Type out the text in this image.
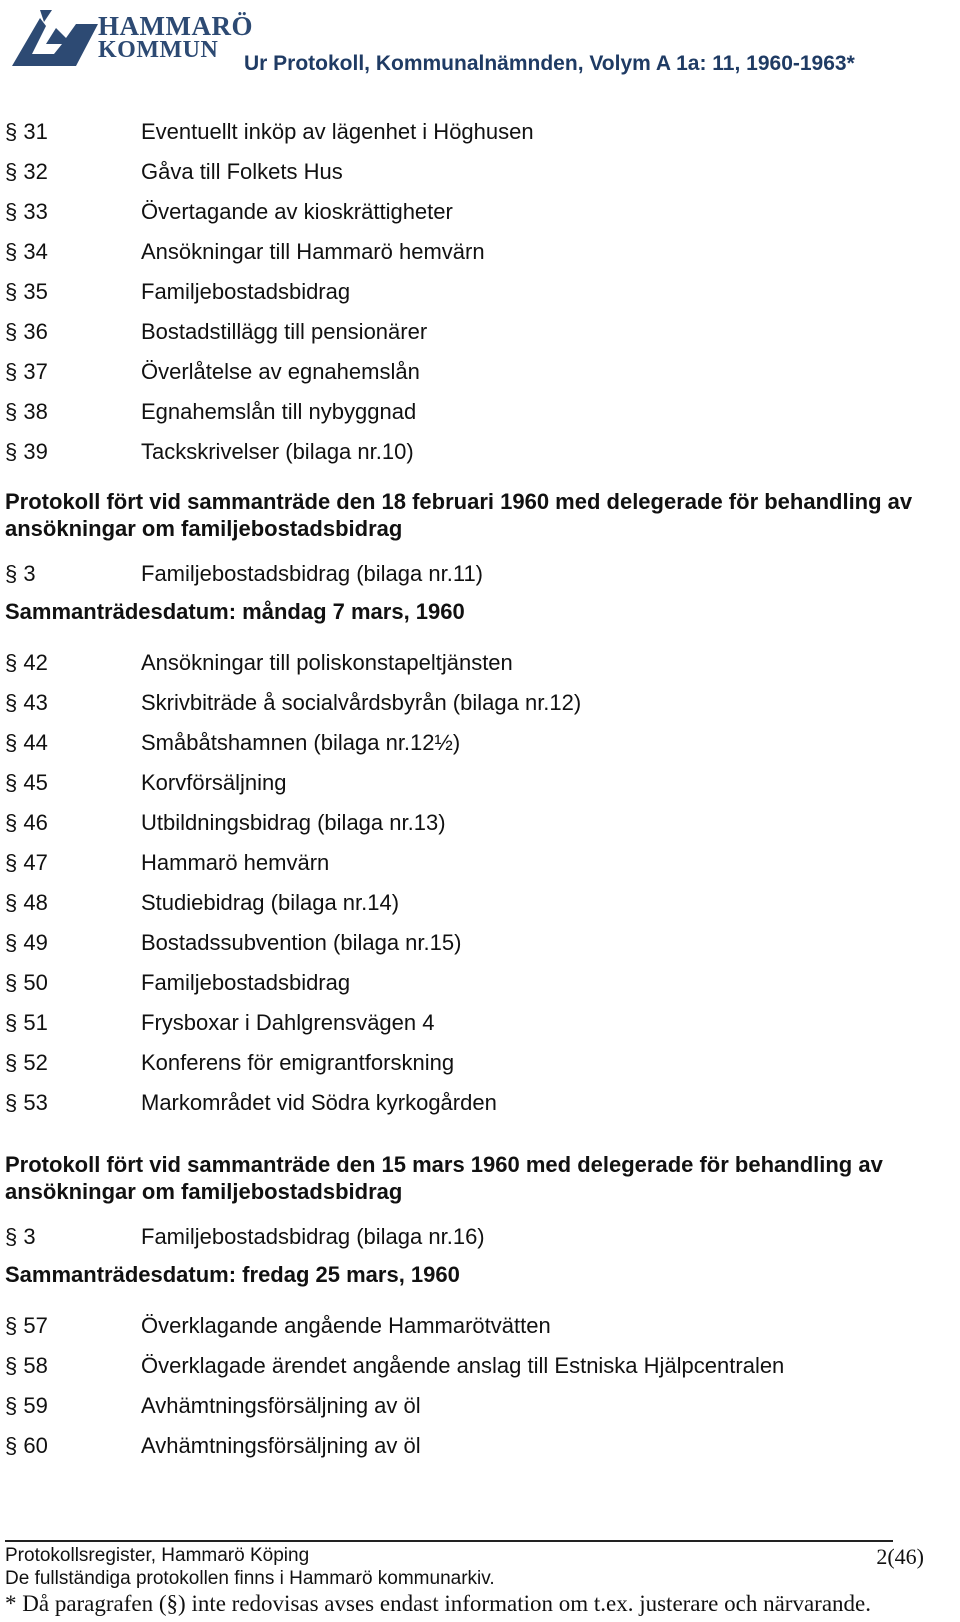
HAMMARÖ
KOMMUN
Ur Protokoll, Kommunalnämnden, Volym A 1a: 11, 1960-1963*
§ 31	Eventuellt inköp av lägenhet i Höghusen
§ 32	Gåva till Folkets Hus
§ 33	Övertagande av kioskrättigheter
§ 34	Ansökningar till Hammarö hemvärn
§ 35	Familjebostadsbidrag
§ 36	Bostadstillägg till pensionärer
§ 37	Överlåtelse av egnahemslån
§ 38	Egnahemslån till nybyggnad
§ 39	Tackskrivelser (bilaga nr.10)
Protokoll fört vid sammanträde den 18 februari 1960 med delegerade för behandling av ansökningar om familjebostadsbidrag
§ 3	Familjebostadsbidrag (bilaga nr.11)
Sammanträdesdatum: måndag 7 mars, 1960
§ 42	Ansökningar till poliskonstapeltjänsten
§ 43	Skrivbiträde å socialvårdsbyrån (bilaga nr.12)
§ 44	Småbåtshamnen (bilaga nr.12½)
§ 45	Korvförsäljning
§ 46	Utbildningsbidrag (bilaga nr.13)
§ 47	Hammarö hemvärn
§ 48	Studiebidrag (bilaga nr.14)
§ 49	Bostadssubvention (bilaga nr.15)
§ 50	Familjebostadsbidrag
§ 51	Frysboxar i Dahlgrensvägen 4
§ 52	Konferens för emigrantforskning
§ 53	Markområdet vid Södra kyrkogården
Protokoll fört vid sammanträde den 15 mars 1960 med delegerade för behandling av ansökningar om familjebostadsbidrag
§ 3	Familjebostadsbidrag (bilaga nr.16)
Sammanträdesdatum: fredag 25 mars, 1960
§ 57	Överklagande angående Hammarötvätten
§ 58	Överklagade ärendet angående anslag till Estniska Hjälpcentralen
§ 59	Avhämtningsförsäljning av öl
§ 60	Avhämtningsförsäljning av öl
Protokollsregister, Hammarö Köping	2(46)
De fullständiga protokollen finns i Hammarö kommunarkiv.
* Då paragrafen (§) inte redovisas avses endast information om t.ex. justerare och närvarande.
